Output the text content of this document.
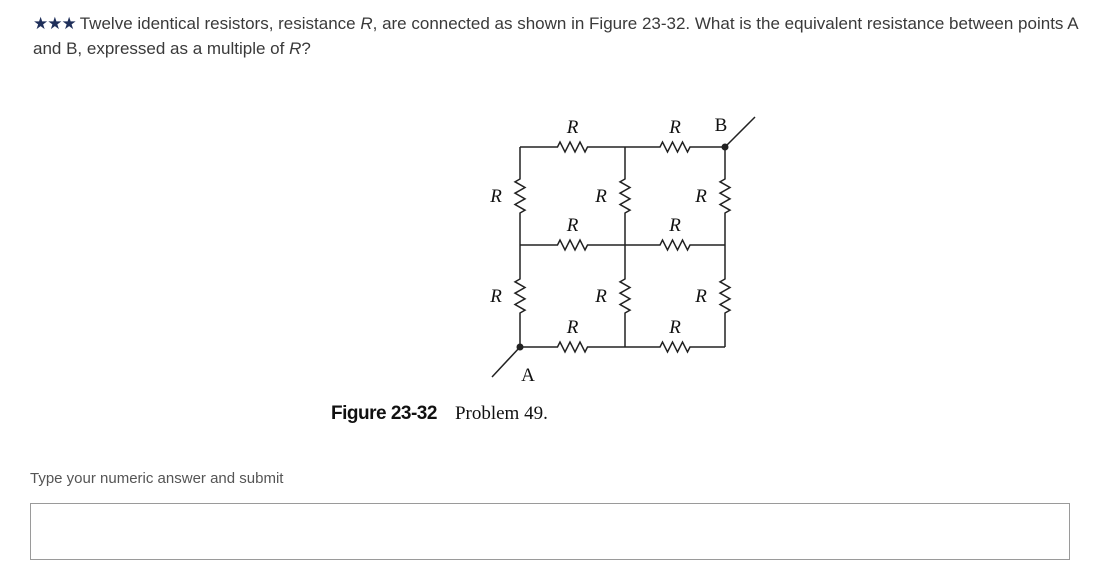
★★★ Twelve identical resistors, resistance R, are connected as shown in Figure 23-32. What is the equivalent resistance between points A and B, expressed as a multiple of R?
R	R
R	R
R	R
R	R	R
R	R	R
A
B
Figure 23-32 Problem 49.
Type your numeric answer and submit
